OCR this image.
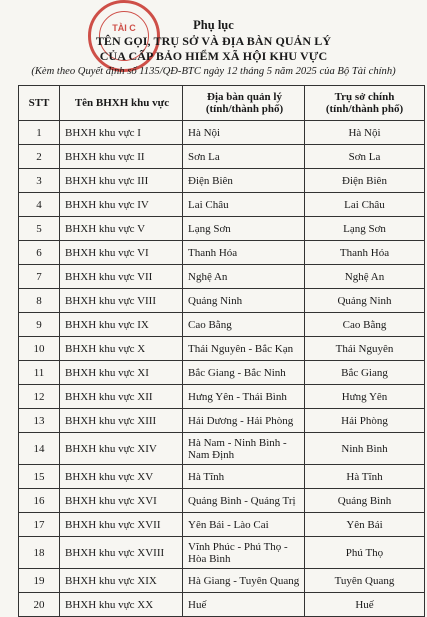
TÀI C	Phụ lục
TÊN GỌI, TRỤ SỞ VÀ ĐỊA BÀN QUẢN LÝ
CỦA CẤP BẢO HIỂM XÃ HỘI KHU VỰC
(Kèm theo Quyết định số 1135/QĐ-BTC ngày 12 tháng 5 năm 2025 của Bộ Tài chính)
STT	Tên BHXH khu vực	Địa bàn quản lý (tỉnh/thành phố)	Trụ sở chính (tỉnh/thành phố)
1	BHXH khu vực I	Hà Nội	Hà Nội
2	BHXH khu vực II	Sơn La	Sơn La
3	BHXH khu vực III	Điện Biên	Điện Biên
4	BHXH khu vực IV	Lai Châu	Lai Châu
5	BHXH khu vực V	Lạng Sơn	Lạng Sơn
6	BHXH khu vực VI	Thanh Hóa	Thanh Hóa
7	BHXH khu vực VII	Nghệ An	Nghệ An
8	BHXH khu vực VIII	Quảng Ninh	Quảng Ninh
9	BHXH khu vực IX	Cao Bằng	Cao Bằng
10	BHXH khu vực X	Thái Nguyên - Bắc Kạn	Thái Nguyên
11	BHXH khu vực XI	Bắc Giang - Bắc Ninh	Bắc Giang
12	BHXH khu vực XII	Hưng Yên - Thái Bình	Hưng Yên
13	BHXH khu vực XIII	Hải Dương - Hải Phòng	Hải Phòng
14	BHXH khu vực XIV	Hà Nam - Ninh Bình - Nam Định	Ninh Bình
15	BHXH khu vực XV	Hà Tĩnh	Hà Tĩnh
16	BHXH khu vực XVI	Quảng Bình - Quảng Trị	Quảng Bình
17	BHXH khu vực XVII	Yên Bái - Lào Cai	Yên Bái
18	BHXH khu vực XVIII	Vĩnh Phúc - Phú Thọ - Hòa Bình	Phú Thọ
19	BHXH khu vực XIX	Hà Giang - Tuyên Quang	Tuyên Quang
20	BHXH khu vực XX	Huế	Huế
